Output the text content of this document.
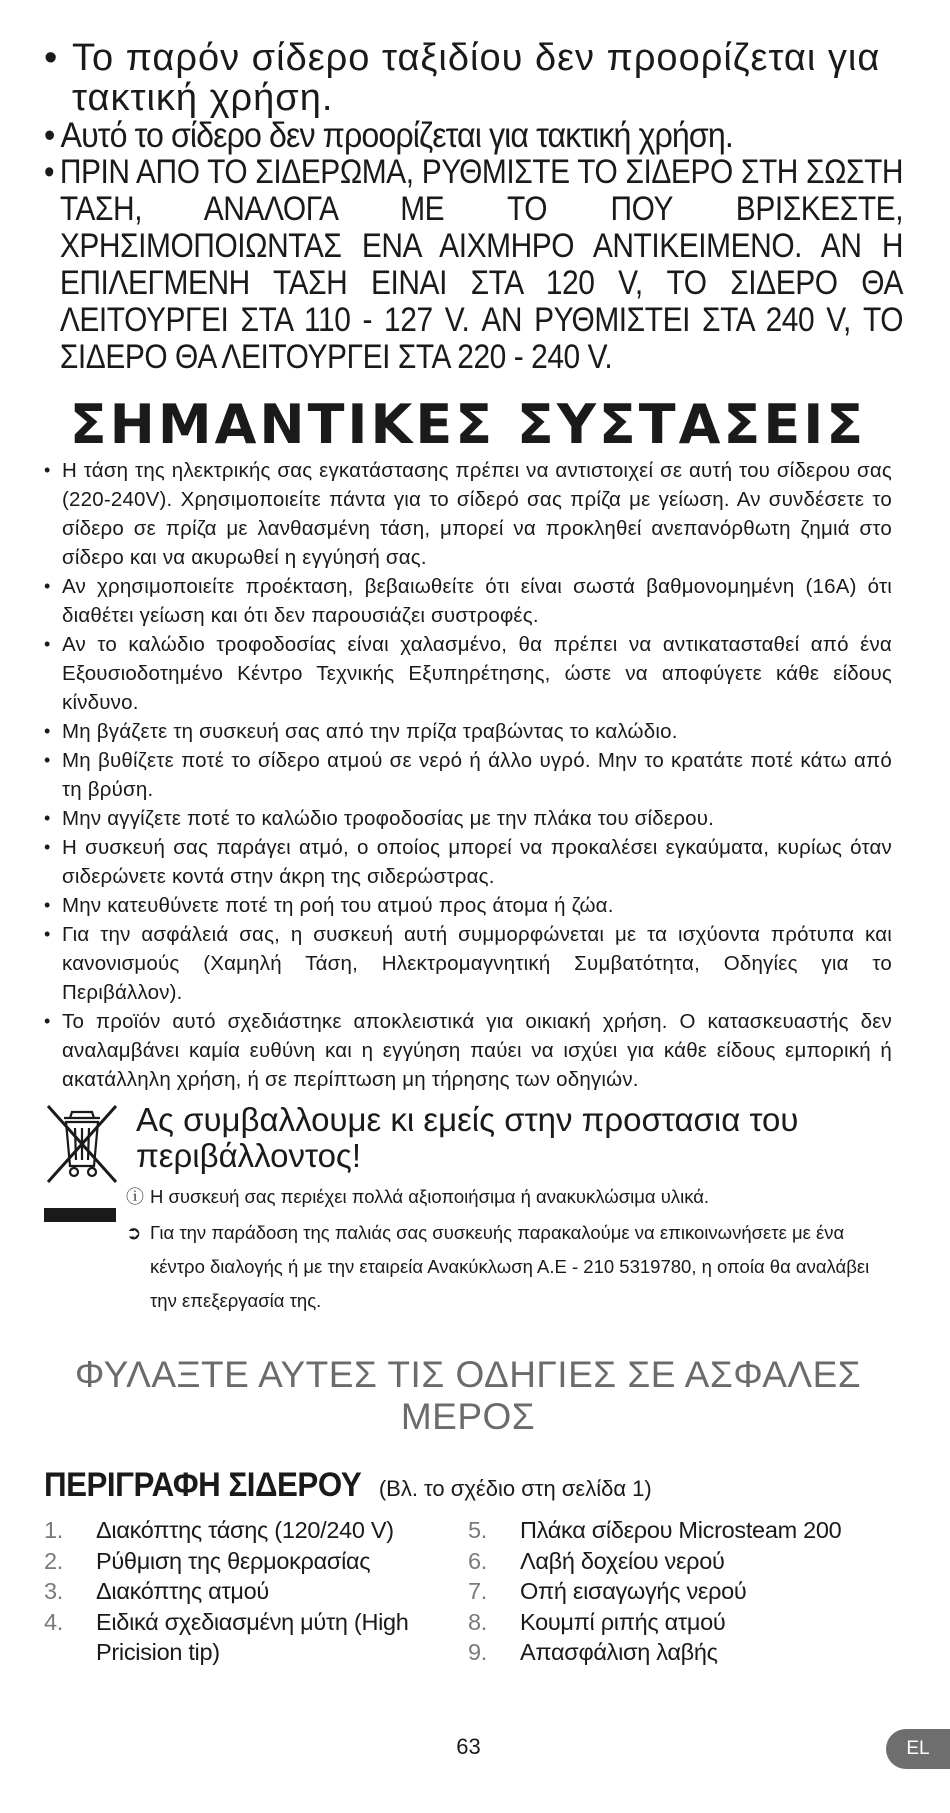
• Το παρόν σίδερο ταξιδίου δεν προορίζεται για τακτική χρήση.
• Αυτό το σίδερο δεν προορίζεται για τακτική χρήση.
• ΠΡΙΝ ΑΠΟ ΤΟ ΣΙΔΕΡΩΜΑ, ΡΥΘΜΙΣΤΕ ΤΟ ΣΙΔΕΡΟ ΣΤΗ ΣΩΣΤΗ ΤΑΣΗ, ΑΝΑΛΟΓΑ ΜΕ ΤΟ ΠΟΥ ΒΡΙΣΚΕΣΤΕ, ΧΡΗΣΙΜΟΠΟΙΩΝΤΑΣ ΕΝΑ ΑΙΧΜΗΡΟ ΑΝΤΙΚΕΙΜΕΝΟ. ΑΝ Η ΕΠΙΛΕΓΜΕΝΗ ΤΑΣΗ ΕΙΝΑΙ ΣΤΑ 120 V, ΤΟ ΣΙΔΕΡΟ ΘΑ ΛΕΙΤΟΥΡΓΕΙ ΣΤΑ 110 - 127 V. ΑΝ ΡΥΘΜΙΣΤΕΙ ΣΤΑ 240 V, ΤΟ ΣΙΔΕΡΟ ΘΑ ΛΕΙΤΟΥΡΓΕΙ ΣΤΑ 220 - 240 V.
ΣΗΜΑΝΤΙΚΕΣ ΣΥΣΤΑΣΕΙΣ
• Η τάση της ηλεκτρικής σας εγκατάστασης πρέπει να αντιστοιχεί σε αυτή του σίδερου σας (220-240V). Χρησιμοποιείτε πάντα για το σίδερό σας πρίζα με γείωση. Αν συνδέσετε το σίδερο σε πρίζα με λανθασμένη τάση, μπορεί να προκληθεί ανεπανόρθωτη ζημιά στο σίδερο και να ακυρωθεί η εγγύησή σας.
• Αν χρησιμοποιείτε προέκταση, βεβαιωθείτε ότι είναι σωστά βαθμονομημένη (16A) ότι διαθέτει γείωση και ότι δεν παρουσιάζει συστροφές.
• Αν το καλώδιο τροφοδοσίας είναι χαλασμένο, θα πρέπει να αντικατασταθεί από ένα Εξουσιοδοτημένο Κέντρο Τεχνικής Εξυπηρέτησης, ώστε να αποφύγετε κάθε είδους κίνδυνο.
• Μη βγάζετε τη συσκευή σας από την πρίζα τραβώντας το καλώδιο.
• Μη βυθίζετε ποτέ το σίδερο ατμού σε νερό ή άλλο υγρό. Μην το κρατάτε ποτέ κάτω από τη βρύση.
• Μην αγγίζετε ποτέ το καλώδιο τροφοδοσίας με την πλάκα του σίδερου.
• Η συσκευή σας παράγει ατμό, ο οποίος μπορεί να προκαλέσει εγκαύματα, κυρίως όταν σιδερώνετε κοντά στην άκρη της σιδερώστρας.
• Μην κατευθύνετε ποτέ τη ροή του ατμού προς άτομα ή ζώα.
• Για την ασφάλειά σας, η συσκευή αυτή συμμορφώνεται με τα ισχύοντα πρότυπα και κανονισμούς (Χαμηλή Τάση, Ηλεκτρομαγνητική Συμβατότητα, Οδηγίες για το Περιβάλλον).
• Το προϊόν αυτό σχεδιάστηκε αποκλειστικά για οικιακή χρήση. Ο κατασκευαστής δεν αναλαμβάνει καμία ευθύνη και η εγγύηση παύει να ισχύει για κάθε είδους εμπορική ή ακατάλληλη χρήση, ή σε περίπτωση μη τήρησης των οδηγιών.
Ας συμβαλλουμε κι εμείς στην προστασια του περιβάλλοντος!
ⓘ Η συσκευή σας περιέχει πολλά αξιοποιήσιμα ή ανακυκλώσιμα υλικά.
➲ Για την παράδοση της παλιάς σας συσκευής παρακαλούμε να επικοινωνήσετε με ένα κέντρο διαλογής ή με την εταιρεία Ανακύκλωση Α.Ε - 210 5319780, η οποία θα αναλάβει την επεξεργασία της.
ΦΥΛΑΞΤΕ ΑΥΤΕΣ ΤΙΣ ΟΔΗΓΙΕΣ ΣΕ ΑΣΦΑΛΕΣ ΜΕΡΟΣ
ΠΕΡΙΓΡΑΦΗ ΣΙΔΕΡΟΥ (Βλ. το σχέδιο στη σελίδα 1)
1.	Διακόπτης τάσης (120/240 V)
2.	Ρύθμιση της θερμοκρασίας
3.	Διακόπτης ατμού
4.	Ειδικά σχεδιασμένη μύτη (High Pricision tip)
5.	Πλάκα σίδερου Microsteam 200
6.	Λαβή δοχείου νερού
7.	Οπή εισαγωγής νερού
8.	Κουμπί ριπής ατμού
9.	Απασφάλιση λαβής
63	EL
